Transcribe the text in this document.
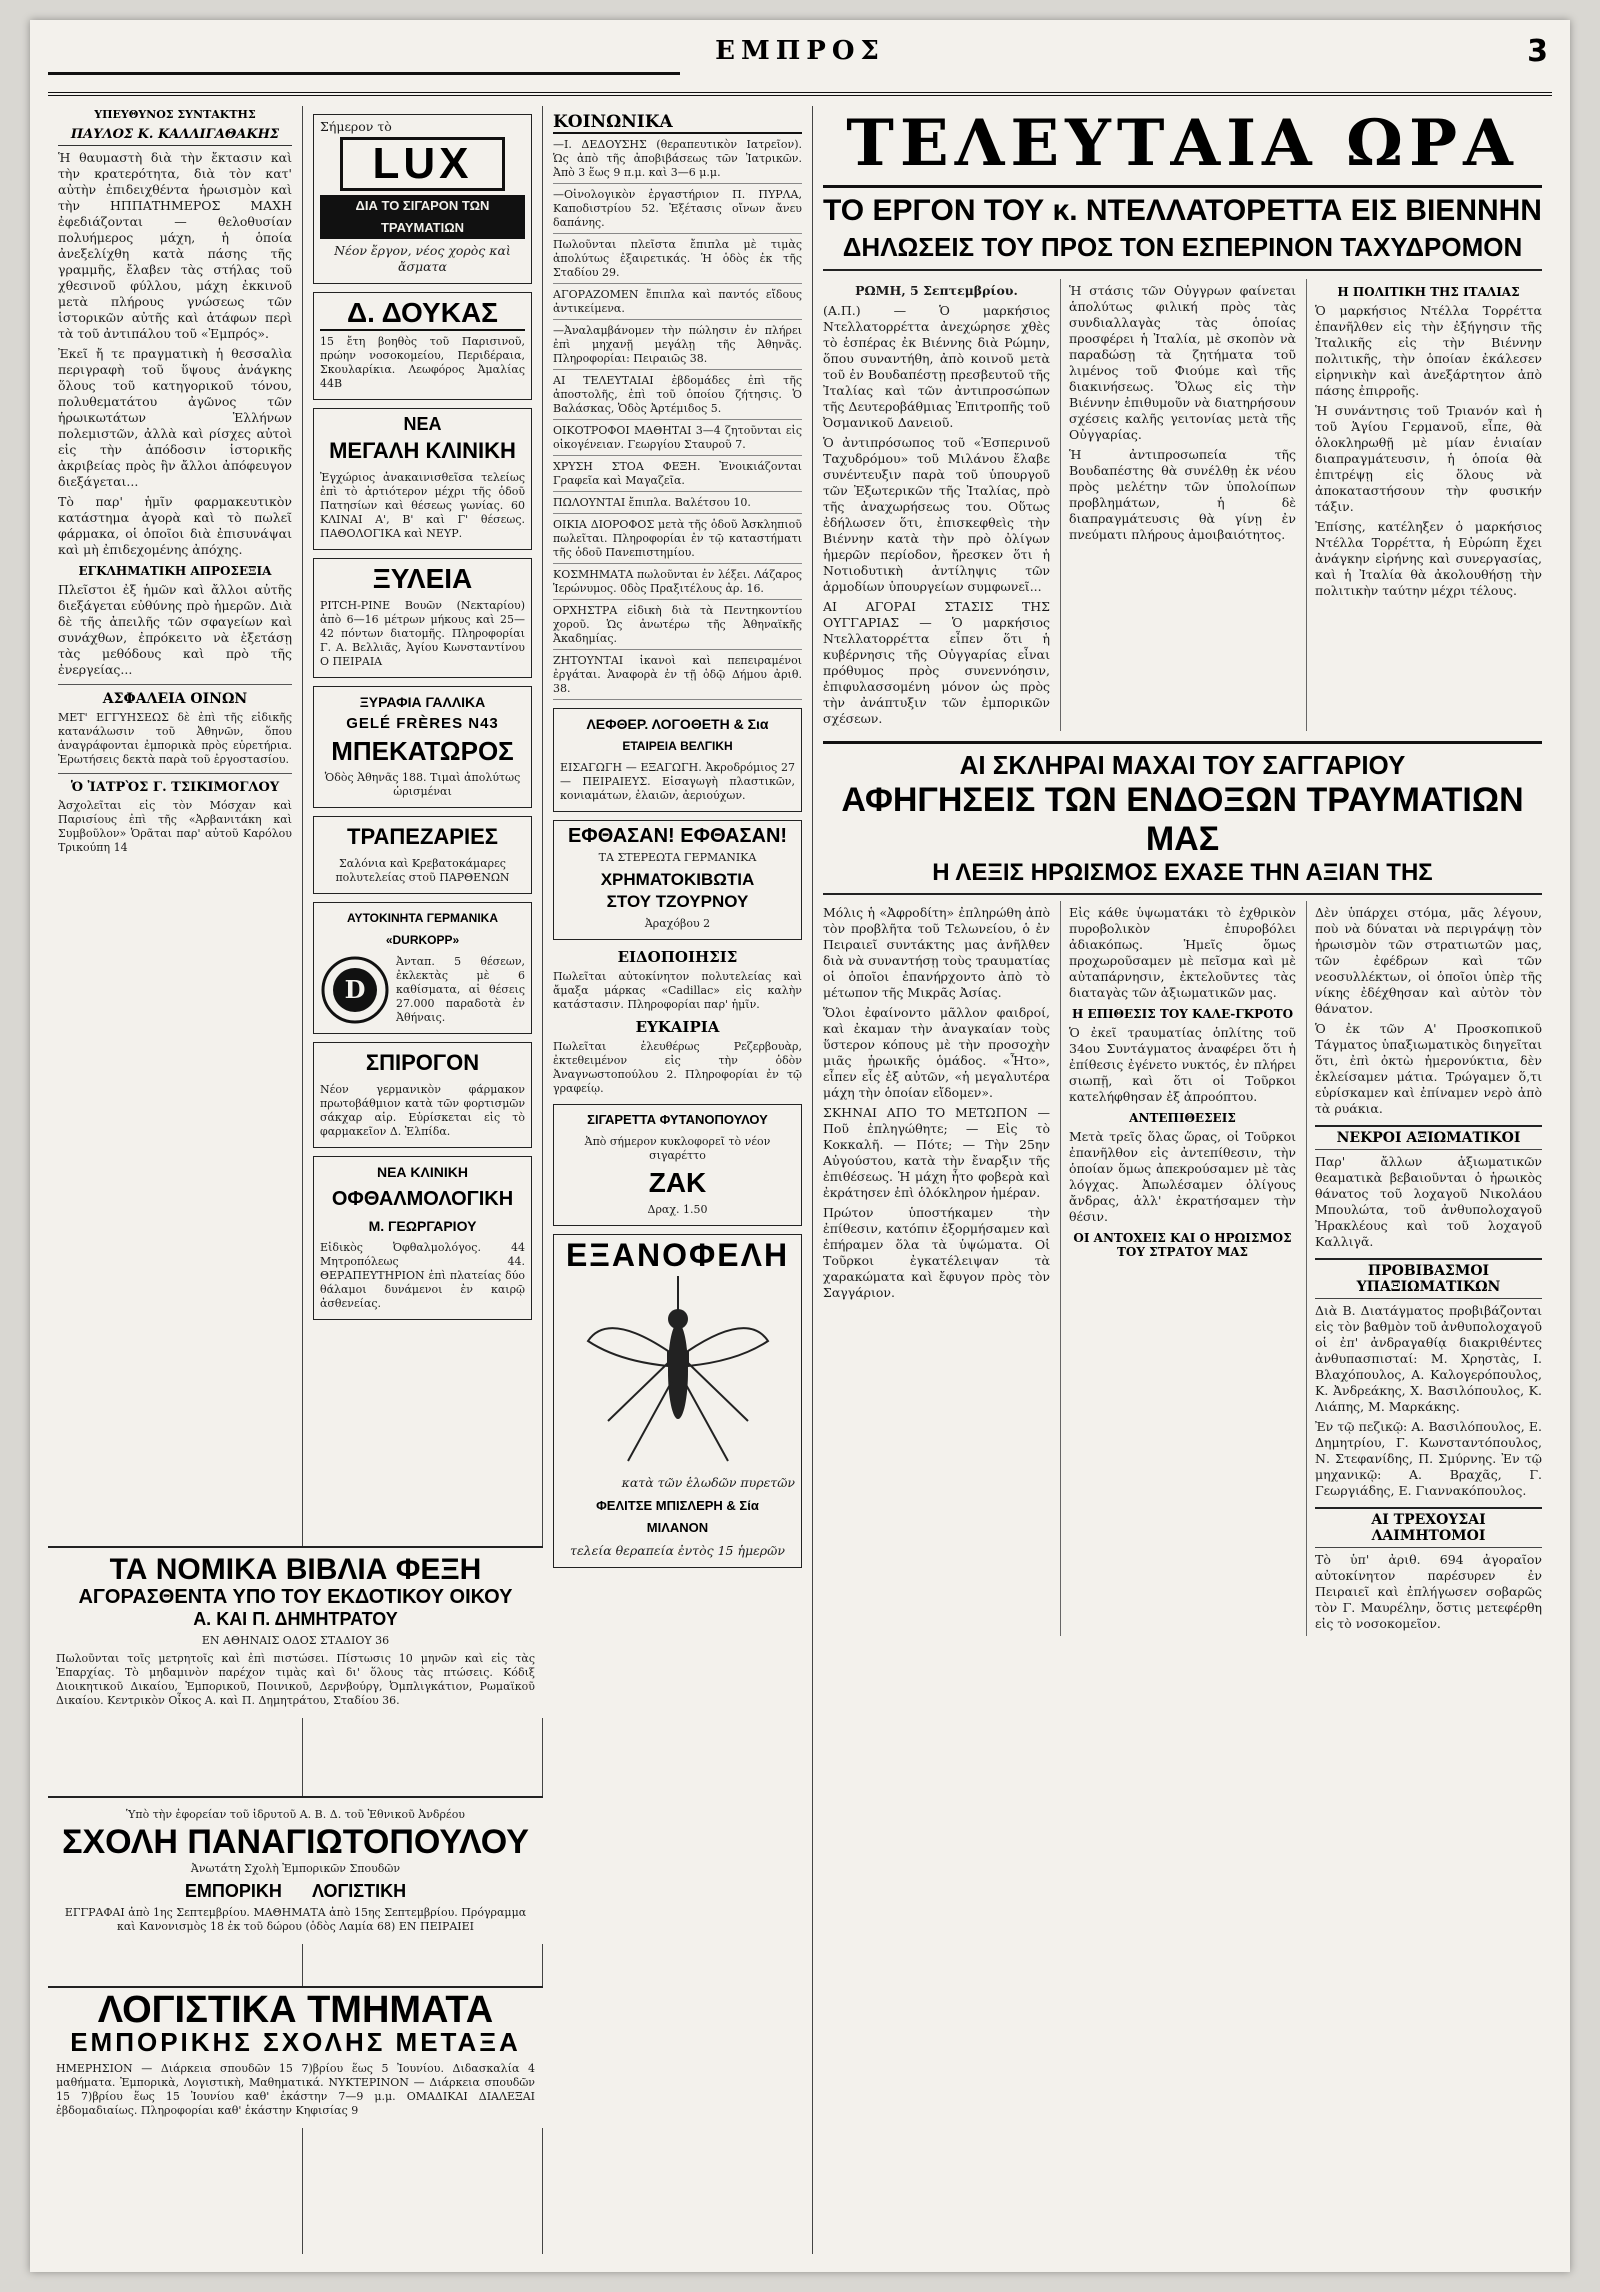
ΕΜΠΡΟΣ	3
ΥΠΕΥΘΥΝΟΣ ΣΥΝΤΑΚΤΗΣ
ΠΑΥΛΟΣ Κ. ΚΑΛΛΙΓΑΘΑΚΗΣ

Ἡ θαυμαστὴ διὰ τὴν ἔκτασιν καὶ τὴν κρατερότητα, διὰ τὸν κατ' αὐτὴν ἐπιδειχθέντα ἡρωισμὸν καὶ τὴν ΗΠΠΑΤΗΜΕΡΟΣ ΜΑΧΗ ἐφεδιάζονται — θελοθυσίαν πολυήμερος μάχη, ἡ ὁποία ἀνεξελίχθη κατὰ πάσης τῆς γραμμῆς, ἔλαβεν τὰς στήλας τοῦ χθεσινοῦ φύλλου, μάχη ἐκκινοῦ μετὰ πλήρους γνώσεως τῶν ἱστορικῶν αὐτῆς καὶ ἀτάφων περὶ τὰ τοῦ ἀντιπάλου τοῦ «Ἐμπρός».

Ἐκεῖ ἤ τε πραγματικὴ ἡ θεσσαλὶα περιγραφὴ τοῦ ὕψους ἀνάγκης ὅλους τοῦ κατηγορικοῦ τόνου, πολυθεματάτου ἀγῶνος τῶν ἡρωικωτάτων Ἑλλήνων πολεμιστῶν, ἀλλὰ καὶ ρίσχες αὐτοὶ εἰς τὴν ἀπόδοσιν ἱστορικῆς ἀκριβείας πρὸς ἣν ἄλλοι ἀπόφευγον διεξάγεται...

Τὸ παρ' ἡμῖν φαρμακευτικὸν κατάστημα ἀγορὰ καὶ τὸ πωλεῖ φάρμακα, οἱ ὁποῖοι διὰ ἐπισυνάψαι καὶ μὴ ἐπιδεχομένης ἀπόχης.

ΕΓΚΛΗΜΑΤΙΚΗ ΑΠΡΟΣΕΞΙΑ

Πλεῖστοι ἐξ ἡμῶν καὶ ἄλλοι αὐτῆς διεξάγεται εὐθύνης πρὸ ἡμερῶν. Διὰ δὲ τῆς ἀπειλῆς τῶν σφαγείων καὶ συνάχθων, ἐπρόκειτο νὰ ἐξετάσῃ τὰς μεθόδους καὶ πρὸ τῆς ἐνεργείας...

ΑΣΦΑΛΕΙΑ ΟΙΝΩΝ

ΜΕΤ' ΕΓΓΥΗΣΕΩΣ δὲ ἐπὶ τῆς εἰδικῆς κατανάλωσιν τοῦ Ἀθηνῶν, ὅπου ἀναγράφονται ἐμπορικὰ πρὸς εὑρετήρια. Ἐρωτήσεις δεκτὰ παρὰ τοῦ ἐργοστασίου.

Ὁ ἸΑΤΡῸΣ Γ. ΤΣΙΚΙΜΟΓΛΟΥ

Ἀσχολεῖται εἰς τὸν Μόσχαν καὶ Παρισίους ἐπὶ τῆς «Ἀρβανιτάκη καὶ Συμβοῦλον» Ὁρᾶται παρ' αὐτοῦ Καρόλου Τρικούπη 14

Σήμερον τὸ
LUX
ΔΙΑ ΤΟ ΣΙΓΑΡΟΝ ΤΩΝ ΤΡΑΥΜΑΤΙΩΝ
Νέον ἔργον, νέος χορὸς καὶ ἄσματα
Δ. ΔΟΥΚΑΣ
15 ἔτη βοηθὸς τοῦ Παρισινοῦ, πρώην νοσοκομείου, Περιδέραια, Σκουλαρίκια. Λεωφόρος Ἀμαλίας 44Β
ΝΕΑ
ΜΕΓΑΛΗ ΚΛΙΝΙΚΗ
Ἐγχώριος ἀνακαινισθεῖσα τελείως ἐπὶ τὸ ἀρτιότερον μέχρι τῆς ὁδοῦ Πατησίων καὶ θέσεως γωνίας. 60 ΚΛΙΝΑΙ Α', Β' καὶ Γ' θέσεως. ΠΑΘΟΛΟΓΙΚΑ καὶ ΝΕΥΡ.
ΞΥΛΕΙΑ
PITCH-PINE Βουῶν (Νεκταρίου) ἀπὸ 6—16 μέτρων μήκους καὶ 25—42 πόντων διατομῆς. Πληροφορίαι Γ. Α. Βελλιᾶς, Ἀγίου Κωνσταντίνου Ο ΠΕΙΡΑΙΑ
ΞΥΡΑΦΙΑ ΓΑΛΛΙΚΑ
GELÉ FRÈRES N43
ΜΠΕΚΑΤΩΡΟΣ
Ὁδὸς Ἀθηνᾶς 188. Τιμαὶ ἀπολύτως ὡρισμέναι
ΤΡΑΠΕΖΑΡΙΕΣ
Σαλόνια καὶ Κρεβατοκάμαρες πολυτελείας στοῦ ΠΑΡΘΕΝΩΝ
ΑΥΤΟΚΙΝΗΤΑ ΓΕΡΜΑΝΙΚΑ «DURKOPP»
D
Ἀνταπ. 5 θέσεων, ἐκλεκτὰς μὲ 6 καθίσματα, αἱ θέσεις 27.000 παραδοτὰ ἐν Ἀθήναις.
ΣΠΙΡΟΓΟΝ
Νέον γερμανικὸν φάρμακον πρωτοβάθμιον κατὰ τῶν φορτισμῶν σάκχαρ αἱρ. Εὑρίσκεται εἰς τὸ φαρμακεῖον Δ. Ἐλπίδα.
ΝΕΑ ΚΛΙΝΙΚΗ
ΟΦΘΑΛΜΟΛΟΓΙΚΗ
Μ. ΓΕΩΡΓΑΡΙΟΥ
Εἰδικὸς Ὀφθαλμολόγος. 44 Μητροπόλεως 44. ΘΕΡΑΠΕΥΤΗΡΙΟΝ ἐπὶ πλατείας δύο θάλαμοι δυνάμενοι ἐν καιρῷ ἀσθενείας.
ΚΟΙΝΩΝΙΚΑ

—Ι. ΔΕΔΟΥΣΗΣ (θεραπευτικὸν Ιατρεῖον). Ὡς ἀπὸ τῆς ἀποβιβάσεως τῶν Ἰατρικῶν. Ἀπὸ 3 ἕως 9 π.μ. καὶ 3—6 μ.μ.

—Οἰνολογικὸν ἐργαστήριον Π. ΠΥΡΛΑ, Καποδιστρίου 52. Ἐξέτασις οἴνων ἄνευ δαπάνης.

Πωλοῦνται πλεῖστα ἔπιπλα μὲ τιμὰς ἀπολύτως ἐξαιρετικάς. Ἡ ὁδὸς ἐκ τῆς Σταδίου 29.

ΑΓΟΡΑΖΟΜΕΝ ἔπιπλα καὶ παντός εἴδους ἀντικείμενα.

—Ἀναλαμβάνομεν τὴν πώλησιν ἐν πλήρει ἐπὶ μηχανῇ μεγάλῃ τῆς Ἀθηνᾶς. Πληροφορίαι: Πειραιῶς 38.

ΑΙ ΤΕΛΕΥΤΑΙΑΙ ἐβδομάδες ἐπὶ τῆς ἀποστολῆς, ἐπὶ τοῦ ὁποίου ζήτησις. Ὁ Βαλάσκας, Ὁδὸς Ἀρτέμιδος 5.

ΟΙΚΟΤΡΟΦΟΙ ΜΑΘΗΤΑΙ 3—4 ζητοῦνται εἰς οἰκογένειαν. Γεωργίου Σταυροῦ 7.

ΧΡΥΣΗ ΣΤΟΑ ΦΕΞΗ. Ἐνοικιάζονται Γραφεῖα καὶ Μαγαζεῖα.

ΠΩΛΟΥΝΤΑΙ ἔπιπλα. Βαλέτσου 10.

ΟΙΚΙΑ ΔΙΟΡΟΦΟΣ μετὰ τῆς ὁδοῦ Ἀσκληπιοῦ πωλεῖται. Πληροφορίαι ἐν τῷ καταστήματι τῆς ὁδοῦ Πανεπιστημίου.

ΚΟΣΜΗΜΑΤΑ πωλοῦνται ἐν λέξει. Λάζαρος Ἱερώνυμος. 0δὸς Πραξιτέλους ἀρ. 16.

ΟΡΧΗΣΤΡΑ εἰδικὴ διὰ τὰ Πεντηκοντίου χοροῦ. Ὡς ἀνωτέρω τῆς Ἀθηναϊκῆς Ἀκαδημίας.

ΖΗΤΟΥΝΤΑΙ ἱκανοὶ καὶ πεπειραμένοι ἐργάται. Ἀναφορὰ ἐν τῇ ὁδῷ Δήμου ἀριθ. 38.

ΛΕΦΘΕΡ. ΛΟΓΟΘΕΤΗ & Σια
ΕΤΑΙΡΕΙΑ ΒΕΛΓΙΚΗ
ΕΙΣΑΓΩΓΗ — ΕΞΑΓΩΓΗ. Ἀκροδρόμιος 27 — ΠΕΙΡΑΙΕΥΣ. Εἰσαγωγὴ πλαστικῶν, κονιαμάτων, ἐλαιῶν, ἀεριούχων.
ΕΦΘΑΣΑΝ! ΕΦΘΑΣΑΝ!
ΤΑ ΣΤΕΡΕΩΤΑ ΓΕΡΜΑΝΙΚΑ
ΧΡΗΜΑΤΟΚΙΒΩΤΙΑ
ΣΤΟΥ ΤΖΟΥΡΝΟΥ
Ἀραχόβου 2
ΕΙΔΟΠΟΙΗΣΙΣ

Πωλεῖται αὐτοκίνητον πολυτελείας καὶ ἄμαξα μάρκας «Cadillac» εἰς καλὴν κατάστασιν. Πληροφορίαι παρ' ἡμῖν.

ΕΥΚΑΙΡΙΑ

Πωλεῖται ἐλευθέρως Ρεζερβουὰρ, ἐκτεθειμένον εἰς τὴν ὁδὸν Ἀναγνωστοπούλου 2. Πληροφορίαι ἐν τῷ γραφείῳ.

ΣΙΓΑΡΕΤΤΑ ΦΥΤΑΝΟΠΟΥΛΟΥ
Ἀπὸ σήμερον κυκλοφορεῖ τὸ νέον σιγαρέττο
ΖΑΚ
Δραχ. 1.50
ΕΞΑΝΟΦΕΛΗ
κατὰ τῶν ἑλωδῶν πυρετῶν
ΦΕΛΙΤΣΕ ΜΠΙΣΛΕΡΗ & Σία
ΜΙΛΑΝΟΝ
τελεία θεραπεία ἐντὸς 15 ἡμερῶν
ΤΕΛΕΥΤΑΙΑ ΩΡΑ
ΤΟ ΕΡΓΟΝ ΤΟΥ κ. ΝΤΕΛΛΑΤΟΡΕΤΤΑ ΕΙΣ ΒΙΕΝΝΗΝ
ΔΗΛΩΣΕΙΣ ΤΟΥ ΠΡΟΣ ΤΟΝ ΕΣΠΕΡΙΝΟΝ ΤΑΧΥΔΡΟΜΟΝ

ΡΩΜΗ, 5 Σεπτεμβρίου.

(Α.Π.) — Ὁ μαρκήσιος Ντελλατορρέττα ἀνεχώρησε χθὲς τὸ ἑσπέρας ἐκ Βιέννης διὰ Ρώμην, ὅπου συναντήθη, ἀπὸ κοινοῦ μετὰ τοῦ ἐν Βουδαπέστῃ πρεσβευτοῦ τῆς Ἰταλίας καὶ τῶν ἀντιπροσώπων τῆς Δευτεροβάθμιας Ἐπιτροπῆς τοῦ Ὀσμανικοῦ Δανειοῦ.

Ὁ ἀντιπρόσωπος τοῦ «Ἑσπερινοῦ Ταχυδρόμου» τοῦ Μιλάνου ἔλαβε συνέντευξιν παρὰ τοῦ ὑπουργοῦ τῶν Ἐξωτερικῶν τῆς Ἰταλίας, πρὸ τῆς ἀναχωρήσεως του. Οὕτως ἐδήλωσεν ὅτι, ἐπισκεφθεὶς τὴν Βιέννην κατὰ τὴν πρὸ ὀλίγων ἡμερῶν περίοδον, ἤρεσκεν ὅτι ἡ Νοτιοδυτικὴ ἀντίληψις τῶν ἁρμοδίων ὑπουργείων συμφωνεῖ...

ΑΙ ΑΓΟΡΑΙ ΣΤΑΣΙΣ ΤΗΣ ΟΥΓΓΑΡΙΑΣ — Ὁ μαρκήσιος Ντελλατορρέττα εἶπεν ὅτι ἡ κυβέρνησις τῆς Οὐγγαρίας εἶναι πρόθυμος πρὸς συνεννόησιν, ἐπιφυλασσομένη μόνον ὡς πρὸς τὴν ἀνάπτυξιν τῶν ἐμπορικῶν σχέσεων.

Ἡ στάσις τῶν Οὐγγρων φαίνεται ἁπολύτως φιλική πρὸς τὰς συνδιαλλαγὰς τὰς ὁποίας προσφέρει ἡ Ἰταλία, μὲ σκοπὸν νὰ παραδώσῃ τὰ ζητήματα τοῦ λιμένος τοῦ Φιούμε καὶ τῆς διακινήσεως. Ὅλως εἰς τὴν Βιέννην ἐπιθυμοῦν νὰ διατηρήσουν σχέσεις καλῆς γειτονίας μετὰ τῆς Οὐγγαρίας.

Ἡ ἀντιπροσωπεία τῆς Βουδαπέστης θὰ συνέλθῃ ἐκ νέου πρὸς μελέτην τῶν ὑπολοίπων προβλημάτων, ἡ δὲ διαπραγμάτευσις θὰ γίνῃ ἐν πνεύματι πλήρους ἀμοιβαιότητος.

Η ΠΟΛΙΤΙΚΗ ΤΗΣ ΙΤΑΛΙΑΣ

Ὁ μαρκήσιος Ντέλλα Τορρέττα ἐπανῆλθεν εἰς τὴν ἐξήγησιν τῆς Ἰταλικῆς εἰς τὴν Βιέννην πολιτικῆς, τὴν ὁποίαν ἐκάλεσεν εἰρηνικὴν καὶ ἀνεξάρτητον ἀπὸ πάσης ἐπιρροῆς.

Ἡ συνάντησις τοῦ Τριανόν καὶ ἡ τοῦ Ἁγίου Γερμανοῦ, εἶπε, θὰ ὁλοκληρωθῇ μὲ μίαν ἑνιαίαν διαπραγμάτευσιν, ἡ ὁποία θὰ ἐπιτρέψῃ εἰς ὅλους νὰ ἀποκαταστήσουν τὴν φυσικήν τάξιν.

Ἐπίσης, κατέληξεν ὁ μαρκήσιος Ντέλλα Τορρέττα, ἡ Εὐρώπη ἔχει ἀνάγκην εἰρήνης καὶ συνεργασίας, καὶ ἡ Ἰταλία θὰ ἀκολουθήσῃ τὴν πολιτικὴν ταύτην μέχρι τέλους.

ΑΙ ΣΚΛΗΡΑΙ ΜΑΧΑΙ ΤΟΥ ΣΑΓΓΑΡΙΟΥ
ΑΦΗΓΗΣΕΙΣ ΤΩΝ ΕΝΔΟΞΩΝ ΤΡΑΥΜΑΤΙΩΝ ΜΑΣ
Η ΛΕΞΙΣ ΗΡΩΙΣΜΟΣ ΕΧΑΣΕ ΤΗΝ ΑΞΙΑΝ ΤΗΣ

Μόλις ἡ «Ἀφροδίτη» ἐπληρώθη ἀπὸ τὸν προβλῆτα τοῦ Τελωνείου, ὁ ἐν Πειραιεῖ συντάκτης μας ἀνῆλθεν διὰ νὰ συναντήσῃ τοὺς τραυματίας οἱ ὁποῖοι ἐπανήρχοντο ἀπὸ τὸ μέτωπον τῆς Μικρᾶς Ἀσίας.

Ὅλοι ἐφαίνοντο μᾶλλον φαιδροί, καὶ ἐκαμαν τὴν ἀναγκαίαν τοὺς ὕστερον κόπους μὲ τὴν προσοχὴν μιᾶς ἡρωικῆς ὁμάδος. «Ἦτο», εἶπεν εἷς ἐξ αὐτῶν, «ἡ μεγαλυτέρα μάχη τὴν ὁποίαν εἴδομεν».

ΣΚΗΝΑΙ ΑΠΟ ΤΟ ΜΕΤΩΠΟΝ — Ποῦ ἐπληγώθητε; — Εἰς τὸ Κοκκαλῆ. — Πότε; — Τὴν 25ην Αὐγούστου, κατὰ τὴν ἔναρξιν τῆς ἐπιθέσεως. Ἡ μάχη ἦτο φοβερὰ καὶ ἐκράτησεν ἐπὶ ὁλόκληρον ἡμέραν.

Πρώτον ὑποστήκαμεν τὴν ἐπίθεσιν, κατόπιν ἐξορμήσαμεν καὶ ἐπήραμεν ὅλα τὰ ὑψώματα. Οἱ Τοῦρκοι ἐγκατέλειψαν τὰ χαρακώματα καὶ ἔφυγον πρὸς τὸν Σαγγάριον.

Εἰς κάθε ὑψωματάκι τὸ ἐχθρικὸν πυροβολικὸν ἐπυροβόλει ἀδιακόπως. Ἡμεῖς ὅμως προχωροῦσαμεν μὲ πεῖσμα καὶ μὲ αὐταπάρνησιν, ἐκτελοῦντες τὰς διαταγὰς τῶν ἀξιωματικῶν μας.

Η ΕΠΙΘΕΣΙΣ ΤΟΥ ΚΑΛΕ-ΓΚΡΟΤΟ

Ὁ ἐκεῖ τραυματίας ὁπλίτης τοῦ 34ου Συντάγματος ἀναφέρει ὅτι ἡ ἐπίθεσις ἐγένετο νυκτός, ἐν πλήρει σιωπῇ, καὶ ὅτι οἱ Τοῦρκοι κατελήφθησαν ἐξ ἀπροόπτου.

ΑΝΤΕΠΙΘΕΣΕΙΣ

Μετὰ τρεῖς ὅλας ὥρας, οἱ Τοῦρκοι ἐπανῆλθον εἰς ἀντεπίθεσιν, τὴν ὁποίαν ὅμως ἀπεκρούσαμεν μὲ τὰς λόγχας. Ἀπωλέσαμεν ὀλίγους ἄνδρας, ἀλλ' ἐκρατήσαμεν τὴν θέσιν.

ΟΙ ΑΝΤΟΧΕΙΣ ΚΑΙ Ο ΗΡΩΙΣΜΟΣ ΤΟΥ ΣΤΡΑΤΟΥ ΜΑΣ

Δὲν ὑπάρχει στόμα, μᾶς λέγουν, ποὺ νὰ δύναται νὰ περιγράψῃ τὸν ἡρωισμὸν τῶν στρατιωτῶν μας, τῶν ἐφέδρων καὶ τῶν νεοσυλλέκτων, οἱ ὁποῖοι ὑπὲρ τῆς νίκης ἐδέχθησαν καὶ αὐτὸν τὸν θάνατον.

Ὁ ἐκ τῶν Α' Προσκοπικοῦ Τάγματος ὑπαξιωματικὸς διηγεῖται ὅτι, ἐπὶ ὀκτὼ ἡμερονύκτια, δὲν ἐκλείσαμεν μάτια. Τρώγαμεν ὅ,τι εὑρίσκαμεν καὶ ἐπίναμεν νερὸ ἀπὸ τὰ ρυάκια.

ΝΕΚΡΟΙ ΑΞΙΩΜΑΤΙΚΟΙ

Παρ' ἄλλων ἀξιωματικῶν θεαματικὰ βεβαιοῦνται ὁ ἡρωικὸς θάνατος τοῦ λοχαγοῦ Νικολάου Μπουλώτα, τοῦ ἀνθυπολοχαγοῦ Ἠρακλέους καὶ τοῦ λοχαγοῦ Καλλιγᾶ.

ΠΡΟΒΙΒΑΣΜΟΙ ΥΠΑΞΙΩΜΑΤΙΚΩΝ

Διὰ Β. Διατάγματος προβιβάζονται εἰς τὸν βαθμὸν τοῦ ἀνθυπολοχαγοῦ οἱ ἐπ' ἀνδραγαθίᾳ διακριθέντες ἀνθυπασπισταί: Μ. Χρηστὰς, Ι. Βλαχόπουλος, Α. Καλογερόπουλος, Κ. Ἀνδρεάκης, Χ. Βασιλόπουλος, Κ. Λιάπης, Μ. Μαρκάκης.

Ἐν τῷ πεζικῷ: Α. Βασιλόπουλος, Ε. Δημητρίου, Γ. Κωνσταντόπουλος, Ν. Στεφανίδης, Π. Σμύρνης. Ἐν τῷ μηχανικῷ: Α. Βραχᾶς, Γ. Γεωργιάδης, Ε. Γιαννακόπουλος.

ΑΙ ΤΡΕΧΟΥΣΑΙ ΛΑΙΜΗΤΟΜΟΙ

Τὸ ὑπ' ἀριθ. 694 ἀγοραῖον αὐτοκίνητον παρέσυρεν ἐν Πειραιεῖ καὶ ἐπλήγωσεν σοβαρῶς τὸν Γ. Μαυρέλην, ὅστις μετεφέρθη εἰς τὸ νοσοκομεῖον.

ΤΑ ΝΟΜΙΚΑ ΒΙΒΛΙΑ ΦΕΞΗ
ΑΓΟΡΑΣΘΕΝΤΑ ΥΠΟ ΤΟΥ ΕΚΔΟΤΙΚΟΥ ΟΙΚΟΥ
Α. ΚΑΙ Π. ΔΗΜΗΤΡΑΤΟΥ
ΕΝ ΑΘΗΝΑΙΣ ΟΔΟΣ ΣΤΑΔΙΟΥ 36

Πωλοῦνται τοῖς μετρητοῖς καὶ ἐπὶ πιστώσει. Πίστωσις 10 μηνῶν καὶ εἰς τὰς Ἐπαρχίας. Τὸ μηδαμινὸν παρέχον τιμὰς καὶ δι' ὅλους τὰς πτώσεις. Κόδιξ Διοικητικοῦ Δικαίου, Ἐμπορικοῦ, Ποινικοῦ, Δερνβούργ, Ὀμπλιγκάτιον, Ρωμαϊκοῦ Δικαίου. Κεντρικὸν Οἶκος Α. καὶ Π. Δημητράτου, Σταδίου 36.

Ὑπὸ τὴν ἐφορείαν τοῦ ἰδρυτοῦ Α. Β. Δ. τοῦ Ἐθνικοῦ Ἀνδρέου
ΣΧΟΛΗ ΠΑΝΑΓΙΩΤΟΠΟΥΛΟΥ
Ἀνωτάτη Σχολὴ Ἐμπορικῶν Σπουδῶν
ΕΜΠΟΡΙΚΗ ΛΟΓΙΣΤΙΚΗ

ΕΓΓΡΑΦΑΙ ἀπὸ 1ης Σεπτεμβρίου. ΜΑΘΗΜΑΤΑ ἀπὸ 15ης Σεπτεμβρίου. Πρόγραμμα καὶ Κανονισμὸς 18 ἐκ τοῦ δώρου (ὁδὸς Λαμία 68) ΕΝ ΠΕΙΡΑΙΕΙ

ΛΟΓΙΣΤΙΚΑ ΤΜΗΜΑΤΑ
ΕΜΠΟΡΙΚΗΣ ΣΧΟΛΗΣ ΜΕΤΑΞΑ

ΗΜΕΡΗΣΙΟΝ — Διάρκεια σπουδῶν 15 7)βρίου ἕως 5 Ἰουνίου. Διδασκαλία 4 μαθήματα. Ἐμπορικὰ, Λογιστικὴ, Μαθηματικά. ΝΥΚΤΕΡΙΝΟΝ — Διάρκεια σπουδῶν 15 7)βρίου ἕως 15 Ἰουνίου καθ' ἑκάστην 7—9 μ.μ. ΟΜΑΔΙΚΑΙ ΔΙΑΛΕΞΑΙ ἑβδομαδιαίως. Πληροφορίαι καθ' ἑκάστην Κηφισίας 9
